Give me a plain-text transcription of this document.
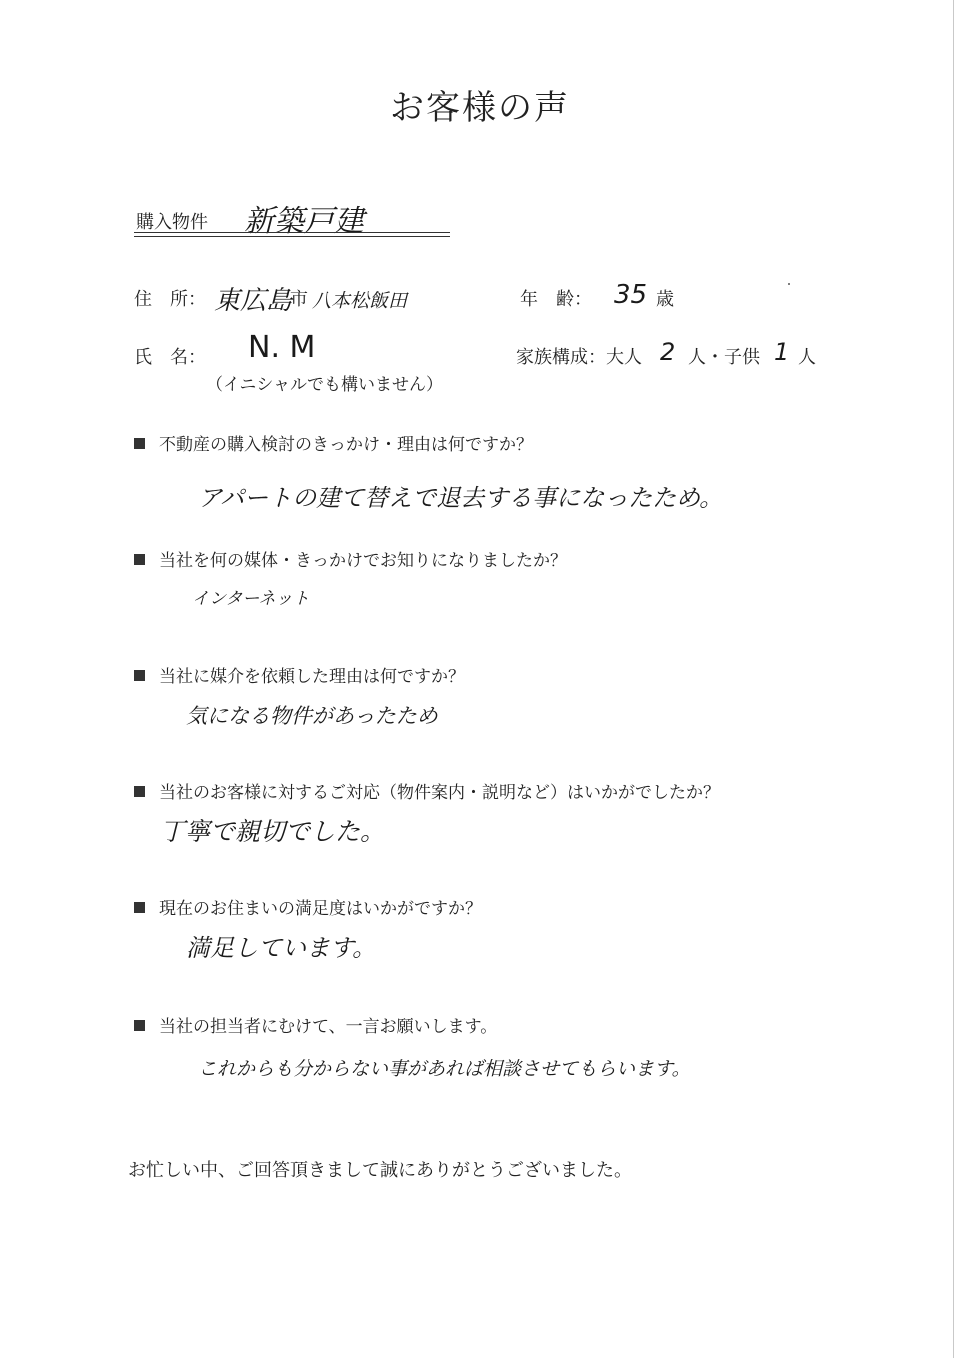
お客様の声
購入物件 新築戸建
住　所： 東広島
市 八本松飯田	年　齢： 35 歳
氏　名： N. M
（イニシャルでも構いません）
家族構成：大人 2 人・子供 1 人
不動産の購入検討のきっかけ・理由は何ですか？
アパートの建て替えで退去する事になったため。
当社を何の媒体・きっかけでお知りになりましたか？
インターネット
当社に媒介を依頼した理由は何ですか？
気になる物件があったため
当社のお客様に対するご対応（物件案内・説明など）はいかがでしたか？
丁寧で親切でした。
現在のお住まいの満足度はいかがですか？
満足しています。
当社の担当者にむけて、一言お願いします。
これからも分からない事があれば相談させてもらいます。
お忙しい中、ご回答頂きまして誠にありがとうございました。
